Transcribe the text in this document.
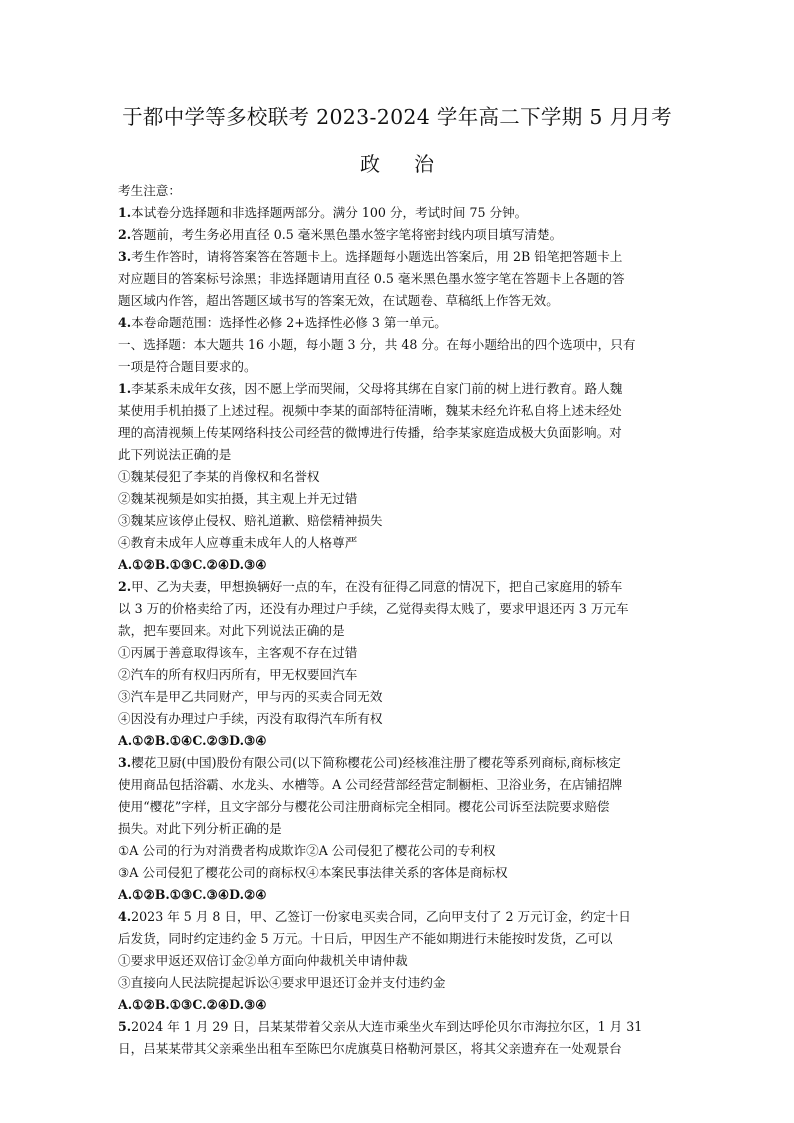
于都中学等多校联考 2023-2024 学年高二下学期 5 月月考
政 治
考生注意：
1.本试卷分选择题和非选择题两部分。满分 100 分，考试时间 75 分钟。
2.答题前，考生务必用直径 0.5 毫米黑色墨水签字笔将密封线内项目填写清楚。
3.考生作答时，请将答案答在答题卡上。选择题每小题选出答案后，用 2B 铅笔把答题卡上
对应题目的答案标号涂黑；非选择题请用直径 0.5 毫米黑色墨水签字笔在答题卡上各题的答
题区域内作答，超出答题区域书写的答案无效，在试题卷、草稿纸上作答无效。
4.本卷命题范围：选择性必修 2+选择性必修 3 第一单元。
一、选择题：本大题共 16 小题，每小题 3 分，共 48 分。在每小题给出的四个选项中，只有
一项是符合题目要求的。
1.李某系未成年女孩，因不愿上学而哭闹，父母将其绑在自家门前的树上进行教育。路人魏
某使用手机拍摄了上述过程。视频中李某的面部特征清晰，魏某未经允许私自将上述未经处
理的高清视频上传某网络科技公司经营的微博进行传播，给李某家庭造成极大负面影响。对
此下列说法正确的是
①魏某侵犯了李某的肖像权和名誉权
②魏某视频是如实拍摄，其主观上并无过错
③魏某应该停止侵权、赔礼道歉、赔偿精神损失
④教育未成年人应尊重未成年人的人格尊严
A.①②B.①③C.②④D.③④
2.甲、乙为夫妻，甲想换辆好一点的车，在没有征得乙同意的情况下，把自己家庭用的轿车
以 3 万的价格卖给了丙，还没有办理过户手续，乙觉得卖得太贱了，要求甲退还丙 3 万元车
款，把车要回来。对此下列说法正确的是
①丙属于善意取得该车，主客观不存在过错
②汽车的所有权归丙所有，甲无权要回汽车
③汽车是甲乙共同财产，甲与丙的买卖合同无效
④因没有办理过户手续，丙没有取得汽车所有权
A.①②B.①④C.②③D.③④
3.樱花卫厨(中国)股份有限公司(以下简称樱花公司)经核准注册了樱花等系列商标,商标核定
使用商品包括浴霸、水龙头、水槽等。A 公司经营部经营定制橱柜、卫浴业务，在店铺招牌
使用“樱花”字样，且文字部分与樱花公司注册商标完全相同。樱花公司诉至法院要求赔偿
损失。对此下列分析正确的是
①A 公司的行为对消费者构成欺诈②A 公司侵犯了樱花公司的专利权
③A 公司侵犯了樱花公司的商标权④本案民事法律关系的客体是商标权
A.①②B.①③C.③④D.②④
4.2023 年 5 月 8 日，甲、乙签订一份家电买卖合同，乙向甲支付了 2 万元订金，约定十日
后发货，同时约定违约金 5 万元。十日后，甲因生产不能如期进行未能按时发货，乙可以
①要求甲返还双倍订金②单方面向仲裁机关申请仲裁
③直接向人民法院提起诉讼④要求甲退还订金并支付违约金
A.①②B.①③C.②④D.③④
5.2024 年 1 月 29 日，吕某某带着父亲从大连市乘坐火车到达呼伦贝尔市海拉尔区，1 月 31
日，吕某某带其父亲乘坐出租车至陈巴尔虎旗莫日格勒河景区，将其父亲遗弃在一处观景台
